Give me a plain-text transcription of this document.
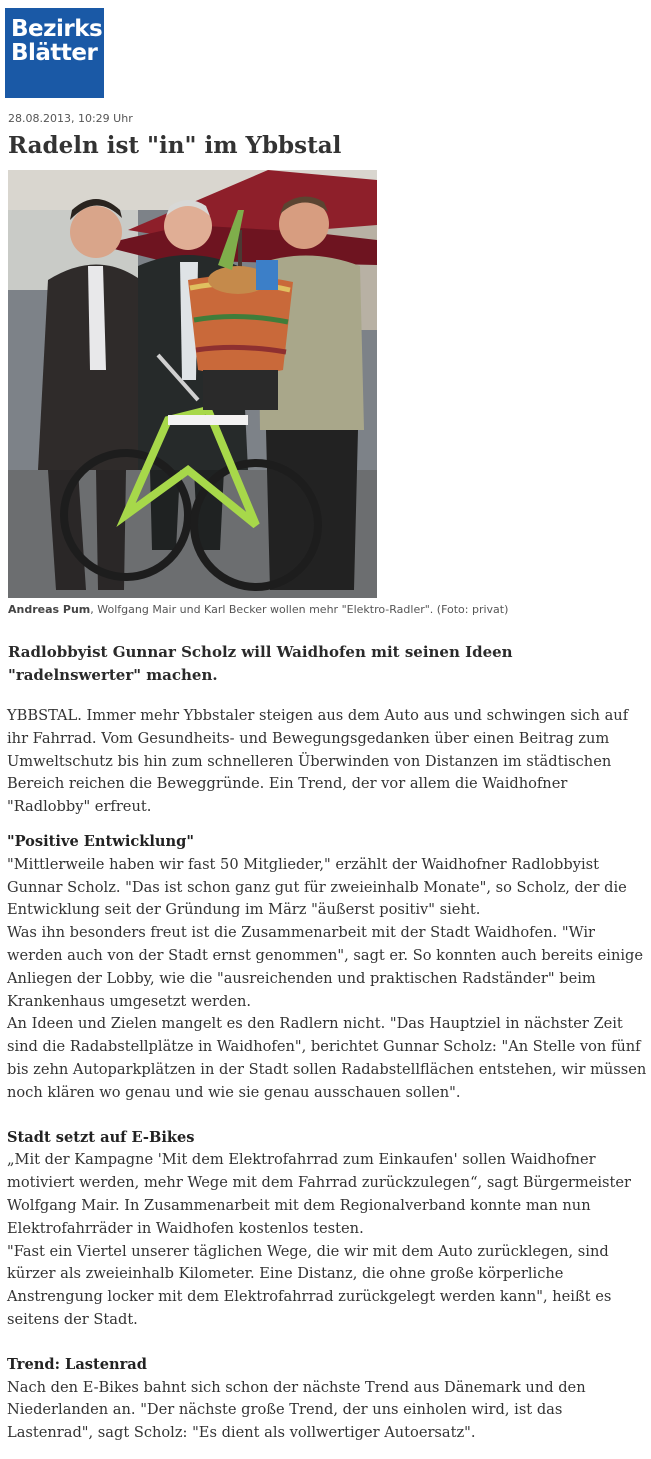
Bezirks
Blätter
28.08.2013, 10:29 Uhr
Radeln ist "in" im Ybbstal
Andreas Pum, Wolfgang Mair und Karl Becker wollen mehr "Elektro-Radler". (Foto: privat)

Radlobbyist Gunnar Scholz will Waidhofen mit seinen Ideen "radelnswerter" machen.

YBBSTAL. Immer mehr Ybbstaler steigen aus dem Auto aus und schwingen sich auf ihr Fahrrad. Vom Gesundheits- und Bewegungsgedanken über einen Beitrag zum Umweltschutz bis hin zum schnelleren Überwinden von Distanzen im städtischen Bereich reichen die Beweggründe. Ein Trend, der vor allem die Waidhofner "Radlobby" erfreut.

"Positive Entwicklung"

"Mittlerweile haben wir fast 50 Mitglieder," erzählt der Waidhofner Radlobbyist Gunnar Scholz. "Das ist schon ganz gut für zweieinhalb Monate", so Scholz, der die Entwicklung seit der Gründung im März "äußerst positiv" sieht.

Was ihn besonders freut ist die Zusammenarbeit mit der Stadt Waidhofen. "Wir werden auch von der Stadt ernst genommen", sagt er. So konnten auch bereits einige Anliegen der Lobby, wie die "ausreichenden und praktischen Radständer" beim Krankenhaus umgesetzt werden.

An Ideen und Zielen mangelt es den Radlern nicht. "Das Hauptziel in nächster Zeit sind die Radabstellplätze in Waidhofen", berichtet Gunnar Scholz: "An Stelle von fünf bis zehn Autoparkplätzen in der Stadt sollen Radabstellflächen entstehen, wir müssen noch klären wo genau und wie sie genau ausschauen sollen".

Stadt setzt auf E-Bikes

„Mit der Kampagne 'Mit dem Elektrofahrrad zum Einkaufen' sollen Waidhofner motiviert werden, mehr Wege mit dem Fahrrad zurückzulegen“, sagt Bürgermeister Wolfgang Mair. In Zusammenarbeit mit dem Regionalverband konnte man nun Elektrofahrräder in Waidhofen kostenlos testen.

"Fast ein Viertel unserer täglichen Wege, die wir mit dem Auto zurücklegen, sind kürzer als zweieinhalb Kilometer. Eine Distanz, die ohne große körperliche Anstrengung locker mit dem Elektrofahrrad zurückgelegt werden kann", heißt es seitens der Stadt.

Trend: Lastenrad

Nach den E-Bikes bahnt sich schon der nächste Trend aus Dänemark und den Niederlanden an. "Der nächste große Trend, der uns einholen wird, ist das Lastenrad", sagt Scholz: "Es dient als vollwertiger Autoersatz".
